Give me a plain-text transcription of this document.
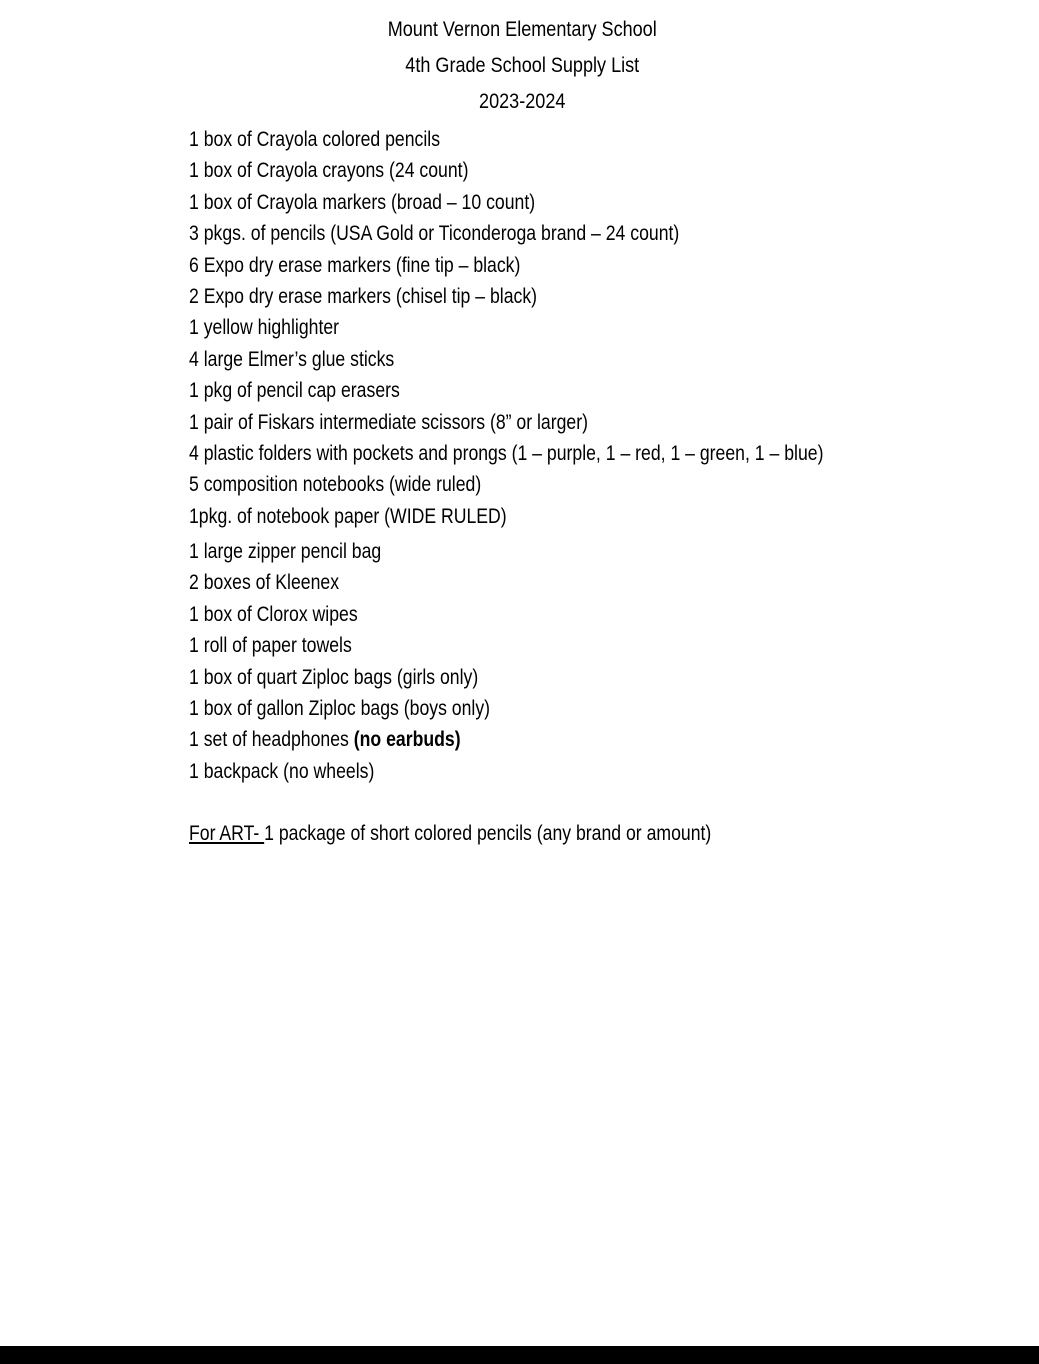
Mount Vernon Elementary School
4th Grade School Supply List
2023-2024
1 box of Crayola colored pencils
1 box of Crayola crayons (24 count)
1 box of Crayola markers (broad – 10 count)
3 pkgs. of pencils (USA Gold or Ticonderoga brand – 24 count)
6 Expo dry erase markers (fine tip – black)
2 Expo dry erase markers (chisel tip – black)
1 yellow highlighter
4 large Elmer’s glue sticks
1 pkg of pencil cap erasers
1 pair of Fiskars intermediate scissors (8” or larger)
4 plastic folders with pockets and prongs (1 – purple, 1 – red, 1 – green, 1 – blue)
5 composition notebooks (wide ruled)
1pkg. of notebook paper (WIDE RULED)
1 large zipper pencil bag
2 boxes of Kleenex
1 box of Clorox wipes
1 roll of paper towels
1 box of quart Ziploc bags (girls only)
1 box of gallon Ziploc bags (boys only)
1 set of headphones (no earbuds)
1 backpack (no wheels)
For ART- 1 package of short colored pencils (any brand or amount)
